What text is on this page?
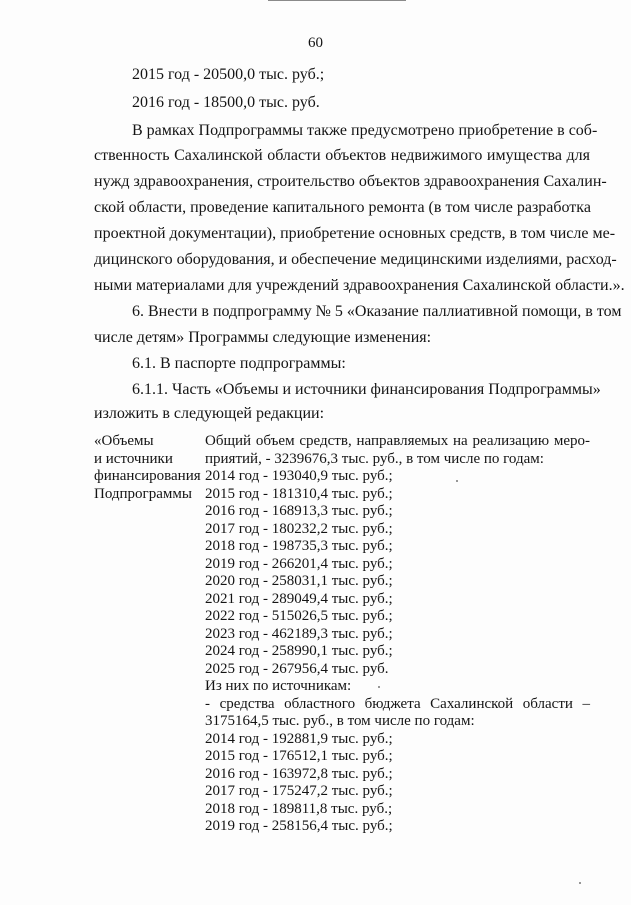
60
2015 год - 20500,0 тыс. руб.;
2016 год - 18500,0 тыс. руб.
В рамках Подпрограммы также предусмотрено приобретение в соб-
ственность Сахалинской области объектов недвижимого имущества для
нужд здравоохранения, строительство объектов здравоохранения Сахалин-
ской области, проведение капитального ремонта (в том числе разработка
проектной документации), приобретение основных средств, в том числе ме-
дицинского оборудования, и обеспечение медицинскими изделиями, расход-
ными материалами для учреждений здравоохранения Сахалинской области.».
6. Внести в подпрограмму № 5 «Оказание паллиативной помощи, в том
числе детям» Программы следующие изменения:
6.1. В паспорте подпрограммы:
6.1.1. Часть «Объемы и источники финансирования Подпрограммы»
изложить в следующей редакции:
«Объемы
и источники
финансирования
Подпрограммы
Общий объем средств, направляемых на реализацию меро-
приятий, - 3239676,3 тыс. руб., в том числе по годам:
2014 год - 193040,9 тыс. руб.;
2015 год - 181310,4 тыс. руб.;
2016 год - 168913,3 тыс. руб.;
2017 год - 180232,2 тыс. руб.;
2018 год - 198735,3 тыс. руб.;
2019 год - 266201,4 тыс. руб.;
2020 год - 258031,1 тыс. руб.;
2021 год - 289049,4 тыс. руб.;
2022 год - 515026,5 тыс. руб.;
2023 год - 462189,3 тыс. руб.;
2024 год - 258990,1 тыс. руб.;
2025 год - 267956,4 тыс. руб.
Из них по источникам:
- средства областного бюджета Сахалинской области –
3175164,5 тыс. руб., в том числе по годам:
2014 год - 192881,9 тыс. руб.;
2015 год - 176512,1 тыс. руб.;
2016 год - 163972,8 тыс. руб.;
2017 год - 175247,2 тыс. руб.;
2018 год - 189811,8 тыс. руб.;
2019 год - 258156,4 тыс. руб.;
